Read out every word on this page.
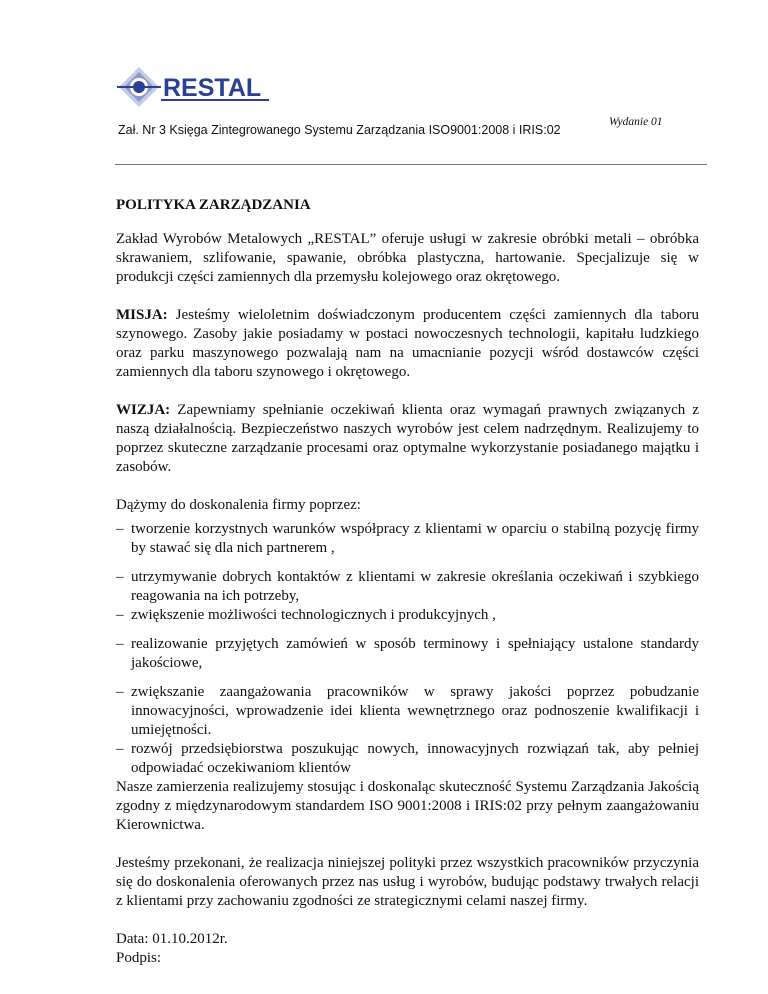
RESTAL
Zał. Nr 3 Księga Zintegrowanego Systemu Zarządzania ISO9001:2008 i IRIS:02
Wydanie 01
POLITYKA ZARZĄDZANIA

Zakład Wyrobów Metalowych „RESTAL” oferuje usługi w zakresie obróbki metali – obróbka skrawaniem, szlifowanie, spawanie, obróbka plastyczna, hartowanie. Specjalizuje się w produkcji części zamiennych dla przemysłu kolejowego oraz okrętowego.

MISJA: Jesteśmy wieloletnim doświadczonym producentem części zamiennych dla taboru szynowego. Zasoby jakie posiadamy w postaci nowoczesnych technologii, kapitału ludzkiego oraz parku maszynowego pozwalają nam na umacnianie pozycji wśród dostawców części zamiennych dla taboru szynowego i okrętowego.

WIZJA: Zapewniamy spełnianie oczekiwań klienta oraz wymagań prawnych związanych z naszą działalnością. Bezpieczeństwo naszych wyrobów jest celem nadrzędnym. Realizujemy to poprzez skuteczne zarządzanie procesami oraz optymalne wykorzystanie posiadanego majątku i zasobów.

Dążymy do doskonalenia firmy poprzez:

– tworzenie korzystnych warunków współpracy z klientami w oparciu o stabilną pozycję firmy by stawać się dla nich partnerem ,
– utrzymywanie dobrych kontaktów z klientami w zakresie określania oczekiwań i szybkiego reagowania na ich potrzeby,
– zwiększenie możliwości technologicznych i produkcyjnych ,
– realizowanie przyjętych zamówień w sposób terminowy i spełniający ustalone standardy jakościowe,
– zwiększanie zaangażowania pracowników w sprawy jakości poprzez pobudzanie innowacyjności, wprowadzenie idei klienta wewnętrznego oraz podnoszenie kwalifikacji i umiejętności.
– rozwój przedsiębiorstwa poszukując nowych, innowacyjnych rozwiązań tak, aby pełniej odpowiadać oczekiwaniom klientów

Nasze zamierzenia realizujemy stosując i doskonaląc skuteczność Systemu Zarządzania Jakością zgodny z międzynarodowym standardem ISO 9001:2008 i IRIS:02 przy pełnym zaangażowaniu Kierownictwa.

Jesteśmy przekonani, że realizacja niniejszej polityki przez wszystkich pracowników przyczynia się do doskonalenia oferowanych przez nas usług i wyrobów, budując podstawy trwałych relacji z klientami przy zachowaniu zgodności ze strategicznymi celami naszej firmy.

Data: 01.10.2012r.

Podpis:
